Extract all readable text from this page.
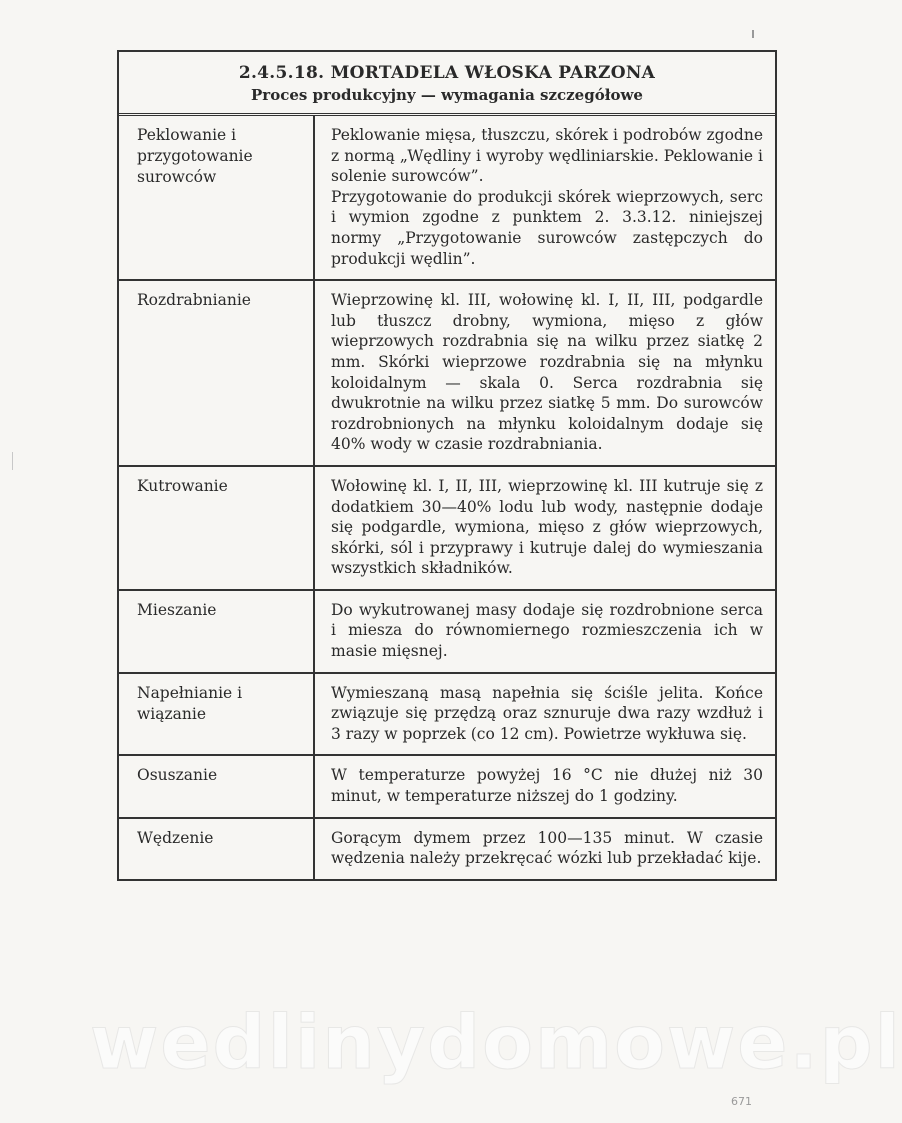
2.4.5.18. MORTADELA WŁOSKA PARZONA
Proces produkcyjny — wymagania szczegółowe
Peklowanie i przygotowanie surowców	Peklowanie mięsa, tłuszczu, skórek i podrobów zgodne z normą „Wędliny i wyroby wędliniarskie. Peklowanie i solenie surowców”.
Przygotowanie do produkcji skórek wieprzowych, serc i wymion zgodne z punktem 2. 3.3.12. niniejszej normy „Przygotowanie surowców zastępczych do produkcji wędlin”.

Rozdrabnianie	Wieprzowinę kl. III, wołowinę kl. I, II, III, podgardle lub tłuszcz drobny, wymiona, mięso z głów wieprzowych rozdrabnia się na wilku przez siatkę 2 mm. Skórki wieprzowe rozdrabnia się na młynku koloidalnym — skala 0. Serca rozdrabnia się dwukrotnie na wilku przez siatkę 5 mm. Do surowców rozdrobnionych na młynku koloidalnym dodaje się 40% wody w czasie rozdrabniania.

Kutrowanie	Wołowinę kl. I, II, III, wieprzowinę kl. III kutruje się z dodatkiem 30—40% lodu lub wody, następnie dodaje się podgardle, wymiona, mięso z głów wieprzowych, skórki, sól i przyprawy i kutruje dalej do wymieszania wszystkich składników.

Mieszanie	Do wykutrowanej masy dodaje się rozdrobnione serca i miesza do równomiernego rozmieszczenia ich w masie mięsnej.

Napełnianie i wiązanie	Wymieszaną masą napełnia się ściśle jelita. Końce związuje się przędzą oraz sznuruje dwa razy wzdłuż i 3 razy w poprzek (co 12 cm). Powietrze wykłuwa się.

Osuszanie	W temperaturze powyżej 16 °C nie dłużej niż 30 minut, w temperaturze niższej do 1 godziny.

Wędzenie	Gorącym dymem przez 100—135 minut. W czasie wędzenia należy przekręcać wózki lub przekładać kije.
wedlinydomowe.pl
671
